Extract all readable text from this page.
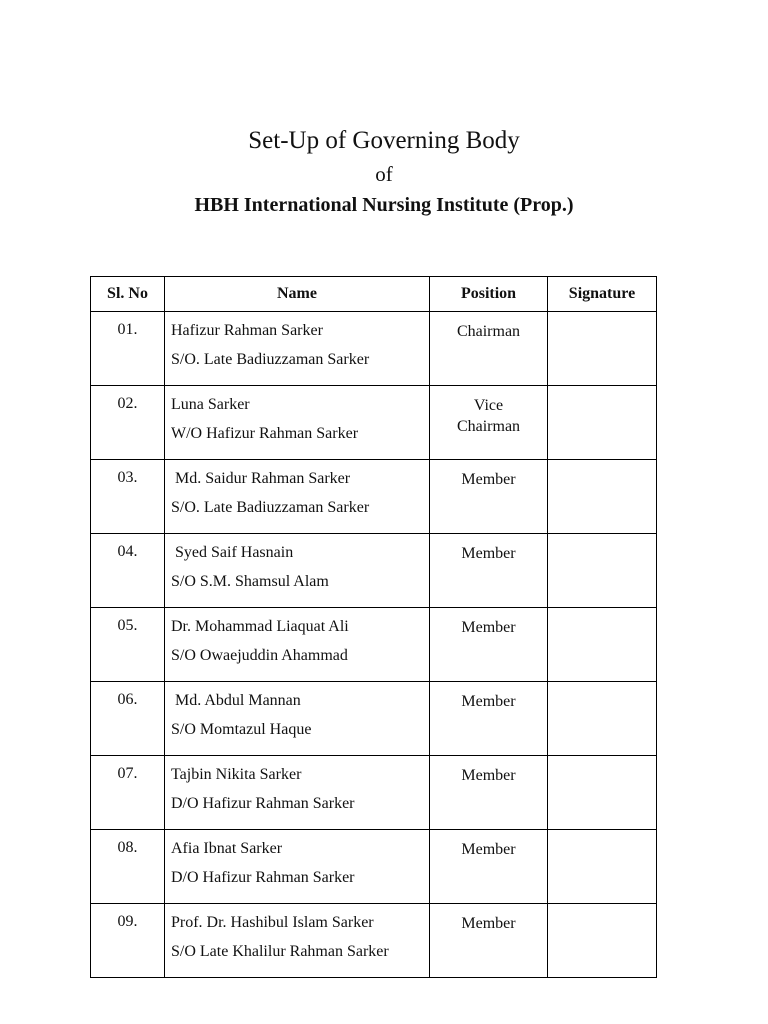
Set-Up of Governing Body
of
HBH International Nursing Institute (Prop.)
Sl. No	Name	Position	Signature
01.	Hafizur Rahman Sarker
S/O. Late Badiuzzaman Sarker	Chairman	

02.	Luna Sarker
W/O Hafizur Rahman Sarker	Vice
Chairman	

03.	Md. Saidur Rahman Sarker
S/O. Late Badiuzzaman Sarker	Member	

04.	Syed Saif Hasnain
S/O S.M. Shamsul Alam	Member	

05.	Dr. Mohammad Liaquat Ali
S/O Owaejuddin Ahammad	Member	

06.	Md. Abdul Mannan
S/O Momtazul Haque	Member	

07.	Tajbin Nikita Sarker
D/O Hafizur Rahman Sarker	Member	

08.	Afia Ibnat Sarker
D/O Hafizur Rahman Sarker	Member	

09.	Prof. Dr. Hashibul Islam Sarker
S/O Late Khalilur Rahman Sarker	Member	
